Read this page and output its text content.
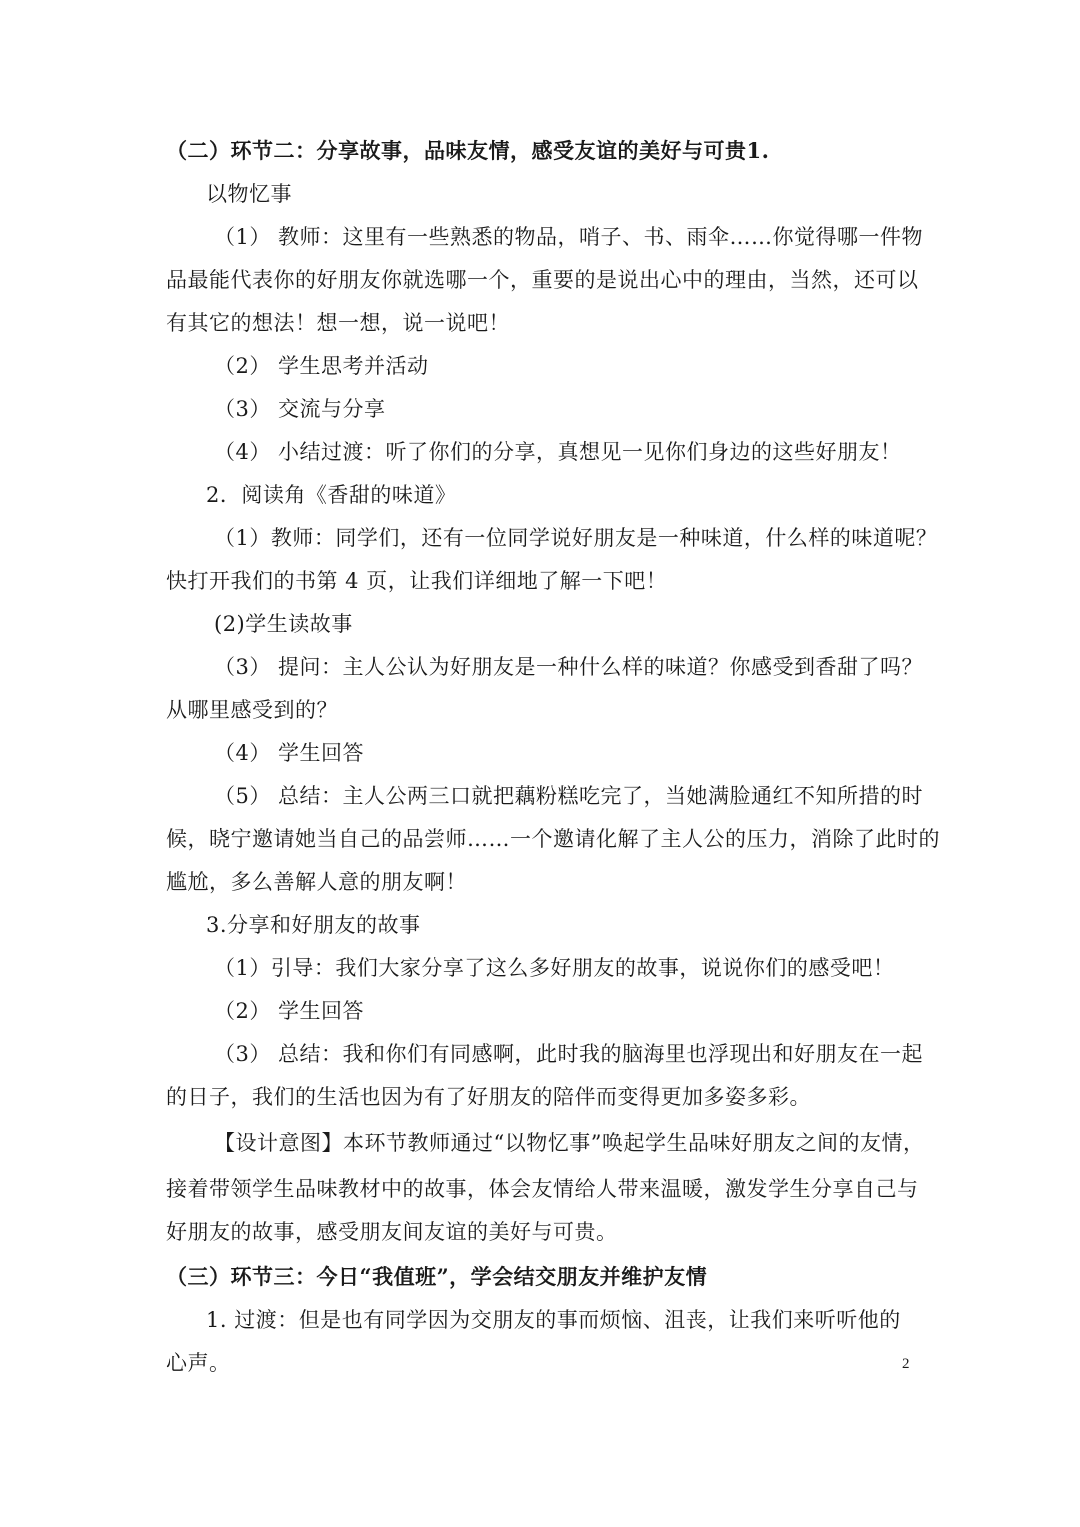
（二）环节二：分享故事，品味友情，感受友谊的美好与可贵1.
以物忆事
（1） 教师：这里有一些熟悉的物品，哨子、书、雨伞……你觉得哪一件物
品最能代表你的好朋友你就选哪一个，重要的是说出心中的理由，当然，还可以
有其它的想法！想一想，说一说吧！
（2） 学生思考并活动
（3） 交流与分享
（4） 小结过渡：听了你们的分享，真想见一见你们身边的这些好朋友！
2．阅读角《香甜的味道》
（1）教师：同学们，还有一位同学说好朋友是一种味道，什么样的味道呢？
快打开我们的书第 4 页，让我们详细地了解一下吧！
(2)学生读故事
（3） 提问：主人公认为好朋友是一种什么样的味道？你感受到香甜了吗？
从哪里感受到的？
（4） 学生回答
（5） 总结：主人公两三口就把藕粉糕吃完了，当她满脸通红不知所措的时
候，晓宁邀请她当自己的品尝师……一个邀请化解了主人公的压力，消除了此时的
尴尬，多么善解人意的朋友啊！
3.分享和好朋友的故事
（1）引导：我们大家分享了这么多好朋友的故事，说说你们的感受吧！
（2） 学生回答
（3） 总结：我和你们有同感啊，此时我的脑海里也浮现出和好朋友在一起
的日子，我们的生活也因为有了好朋友的陪伴而变得更加多姿多彩。
【设计意图】本环节教师通过“以物忆事”唤起学生品味好朋友之间的友情，
接着带领学生品味教材中的故事，体会友情给人带来温暖，激发学生分享自己与
好朋友的故事，感受朋友间友谊的美好与可贵。
（三）环节三：今日“我值班”，学会结交朋友并维护友情
1. 过渡：但是也有同学因为交朋友的事而烦恼、沮丧，让我们来听听他的
心声。	2
